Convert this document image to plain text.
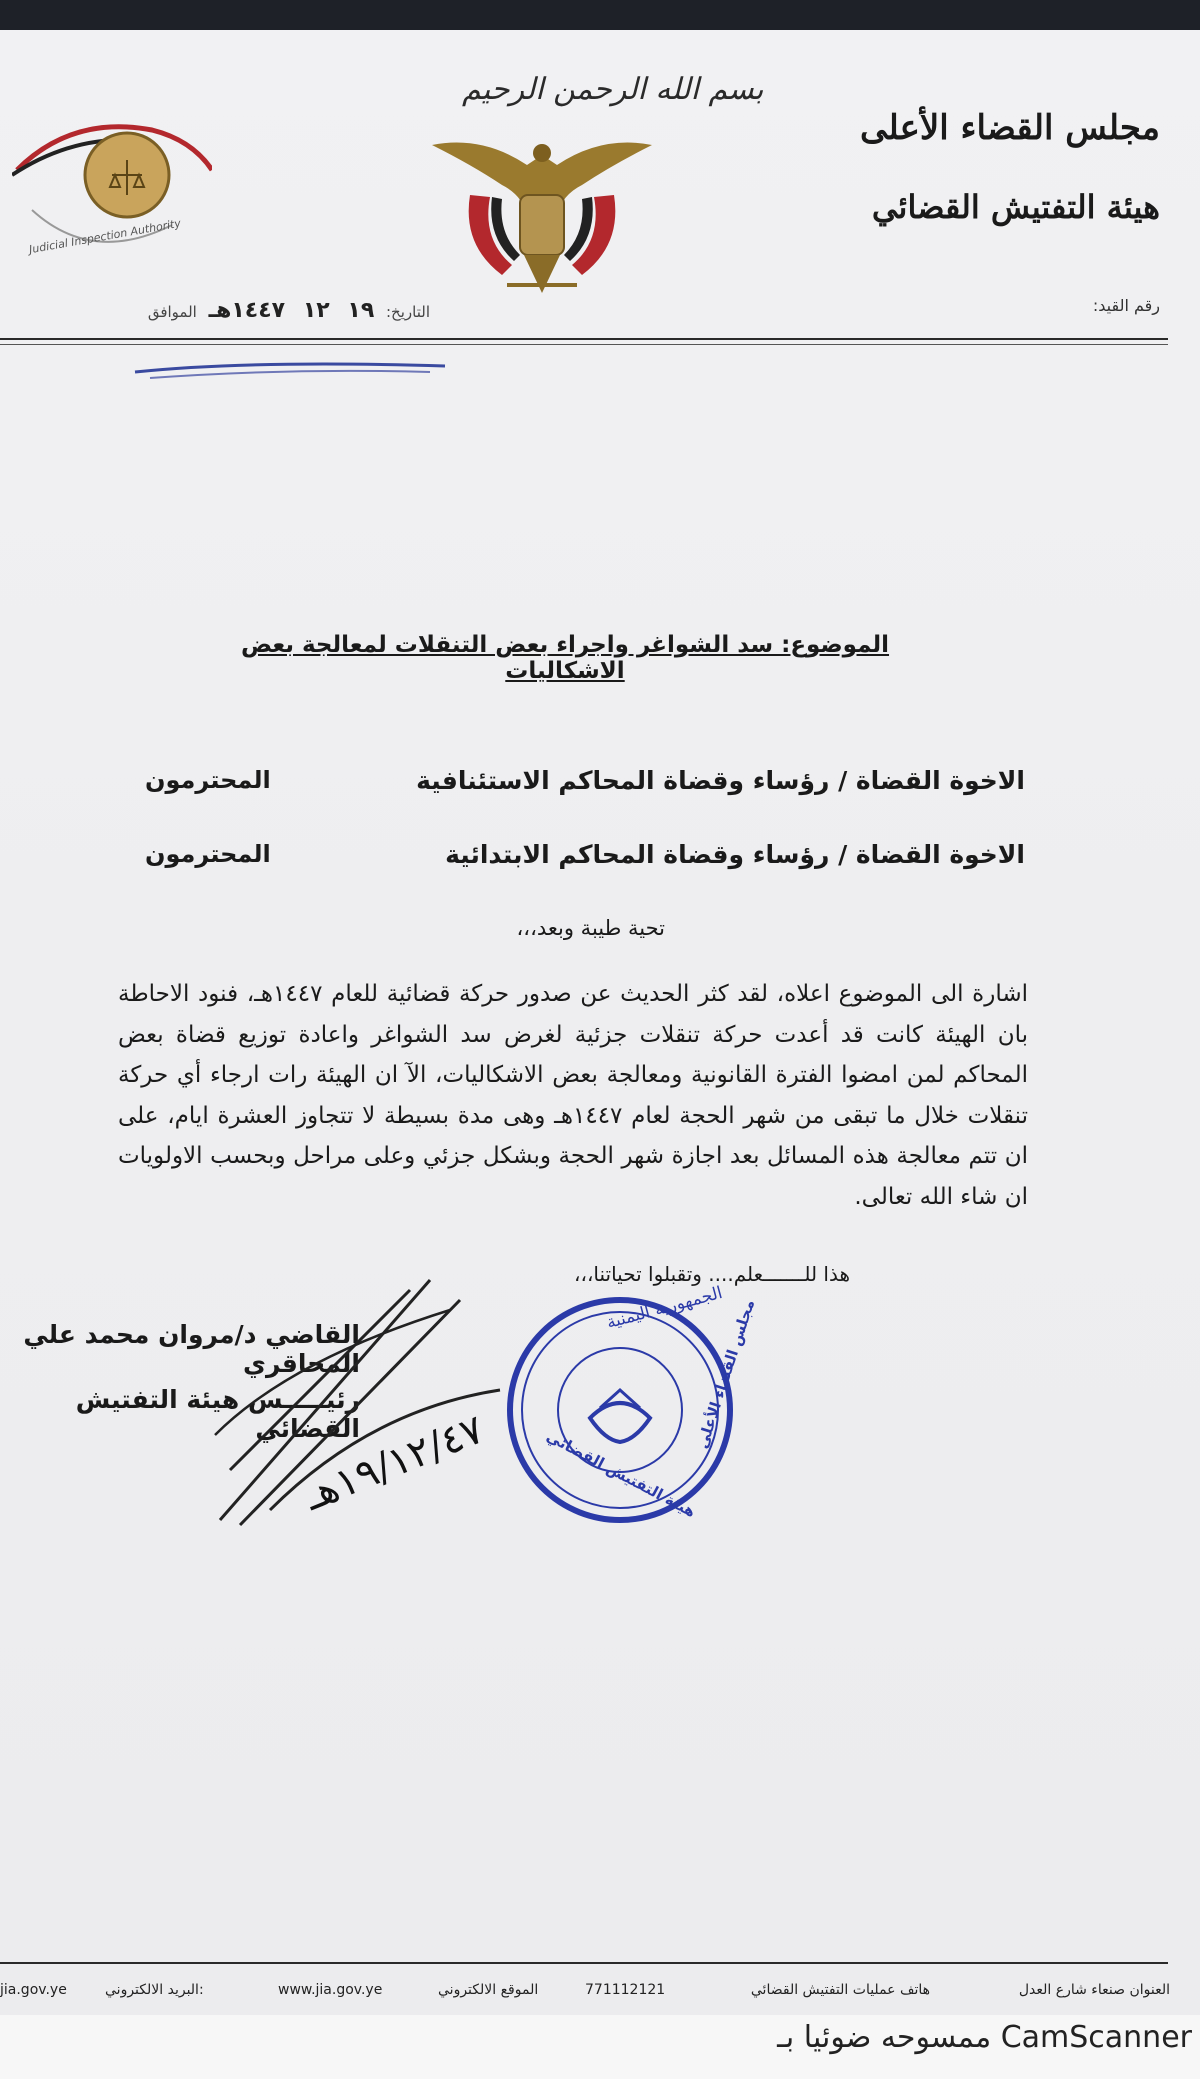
مجلس القضاء الأعلى
هيئة التفتيش القضائي
رقم القيد:
بسم الله الرحمن الرحيم
Judicial Inspection Authority
التاريخ: ١٩ ١٢ ١٤٤٧هـ الموافق
الموضوع: سد الشواغر واجراء بعض التنقلات لمعالجة بعض الاشكاليات
الاخوة القضاة / رؤساء وقضاة المحاكم الاستئنافية
المحترمون
الاخوة القضاة / رؤساء وقضاة المحاكم الابتدائية
المحترمون
تحية طيبة وبعد،،،
اشارة الى الموضوع اعلاه، لقد كثر الحديث عن صدور حركة قضائية للعام ١٤٤٧هـ، فنود الاحاطة بان الهيئة كانت قد أعدت حركة تنقلات جزئية لغرض سد الشواغر واعادة توزيع قضاة بعض المحاكم لمن امضوا الفترة القانونية ومعالجة بعض الاشكاليات، الآ ان الهيئة رات ارجاء أي حركة تنقلات خلال ما تبقى من شهر الحجة لعام ١٤٤٧هـ وهى مدة بسيطة لا تتجاوز العشرة ايام، على ان تتم معالجة هذه المسائل بعد اجازة شهر الحجة وبشكل جزئي وعلى مراحل وبحسب الاولويات ان شاء الله تعالى.
هذا للـــــــعلم.... وتقبلوا تحياتنا،،،
القاضي د/مروان محمد علي المحاقري
رئيـــــس هيئة التفتيش القضائي
١٩/١٢/٤٧هـ
الجمهورية اليمنية
مجلس القضاء الأعلى
هيئة التفتيش القضائي
العنوان صنعاء شارع العدل
هاتف عمليات التفتيش القضائي
771112121
الموقع الالكتروني
www.jia.gov.ye
البريد الالكتروني:
jia.gov.ye
ممسوحه ضوئيا بـ CamScanner
